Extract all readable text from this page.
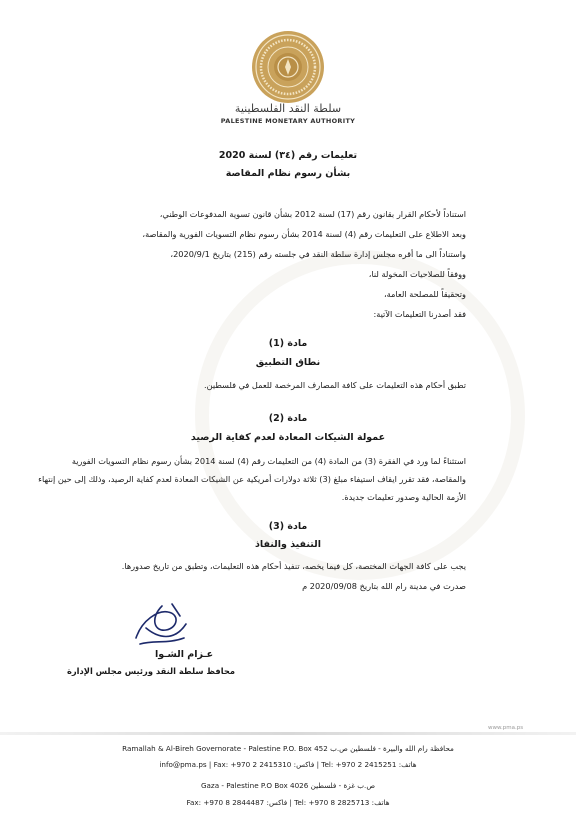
سلطة النقد الفلسطينية
PALESTINE MONETARY AUTHORITY
تعليمات رقم (٣٤) لسنة 2020
بشأن رسوم نظام المقاصة
استناداً لأحكام القرار بقانون رقم (17) لسنة 2012 بشأن قانون تسوية المدفوعات الوطني،
وبعد الاطلاع على التعليمات رقم (4) لسنة 2014 بشأن رسوم نظام التسويات الفورية والمقاصة،
واستناداً الى ما أقره مجلس إدارة سلطة النقد في جلسته رقم (215) بتاريخ 2020/9/1،
ووفقاً للصلاحيات المخولة لنا،
وتحقيقاً للمصلحة العامة،
فقد أصدرنا التعليمات الآتية:
مادة (1)
نطاق التطبيق
تطبق أحكام هذه التعليمات على كافة المصارف المرخصة للعمل في فلسطين.
مادة (2)
عمولة الشيكات المعادة لعدم كفاية الرصيد
استثناءً لما ورد في الفقرة (3) من المادة (4) من التعليمات رقم (4) لسنة 2014 بشأن رسوم نظام التسويات الفورية والمقاصة، فقد تقرر ايقاف استيفاء مبلغ (3) ثلاثة دولارات أمريكية عن الشيكات المعادة لعدم كفاية الرصيد، وذلك إلى حين إنتهاء الأزمة الحالية وصدور تعليمات جديدة.
مادة (3)
التنفيذ والنفاذ
يجب على كافة الجهات المختصة، كل فيما يخصه، تنفيذ أحكام هذه التعليمات، وتطبق من تاريخ صدورها.
صدرت في مدينة رام الله بتاريخ 2020/09/08 م
عـزام الشـوا
محافظ سلطة النقد ورئيس مجلس الإدارة
www.pma.ps
Ramallah & Al-Bireh Governorate - Palestine P.O. Box 452 محافظة رام الله والبيرة - فلسطين ص.ب
info@pma.ps | Fax: +970 2 2415310 :فاكس | Tel: +970 2 2415251 :هاتف
Gaza - Palestine P.O Box 4026 ص.ب غزة - فلسطين
Fax: +970 8 2844487 :فاكس | Tel: +970 8 2825713 :هاتف
